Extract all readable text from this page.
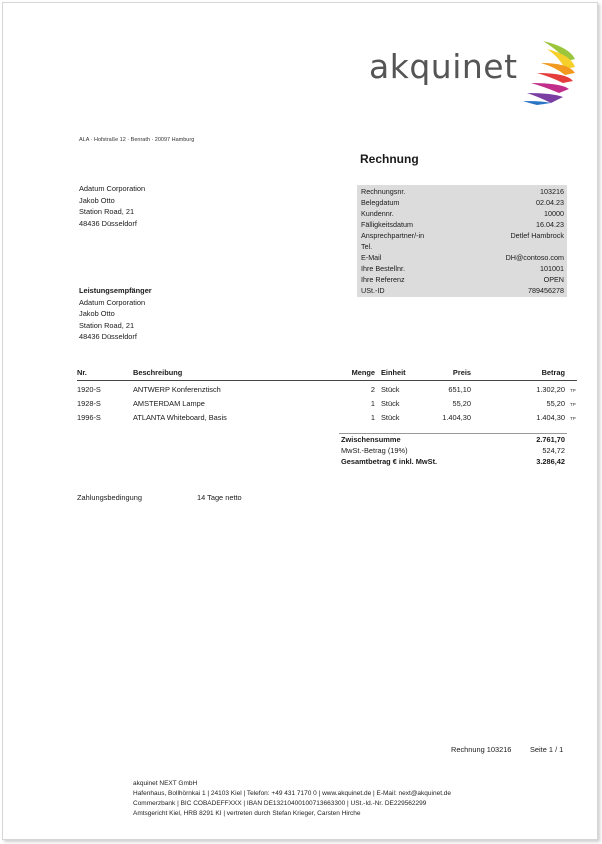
akquinet
ALA · Hofstraße 12 · Benrath · 20097 Hamburg
Rechnung
Adatum Corporation
Jakob Otto
Station Road, 21
48436 Düsseldorf
Rechnungsnr.	103216
Belegdatum	02.04.23
Kundennr.	10000
Fälligkeitsdatum	16.04.23
Ansprechpartner/-in	Detlef Hambrock
Tel.
E-Mail	DH@contoso.com
Ihre Bestellnr.	101001
Ihre Referenz	OPEN
USt.-ID	789456278
Leistungsempfänger
Adatum Corporation
Jakob Otto
Station Road, 21
48436 Düsseldorf
Nr.	Beschreibung	Menge Einheit	Preis	Betrag
1920-S	ANTWERP Konferenztisch	2 Stück	651,10	1.302,20 TP
1928-S	AMSTERDAM Lampe	1 Stück	55,20	55,20 TP
1996-S	ATLANTA Whiteboard, Basis	1 Stück	1.404,30	1.404,30 TP
Zwischensumme	2.761,70
MwSt.-Betrag (19%)	524,72
Gesamtbetrag € inkl. MwSt.	3.286,42
Zahlungsbedingung	14 Tage netto
Rechnung 103216	Seite 1 / 1
akquinet NEXT GmbH
Hafenhaus, Bollhörnkai 1 | 24103 Kiel | Telefon: +49 431 7170 0 | www.akquinet.de | E-Mail: next@akquinet.de
Commerzbank | BIC COBADEFFXXX | IBAN DE13210400100713663300 | USt.-Id.-Nr. DE229562299
Amtsgericht Kiel, HRB 8291 KI | vertreten durch Stefan Krieger, Carsten Hirche
